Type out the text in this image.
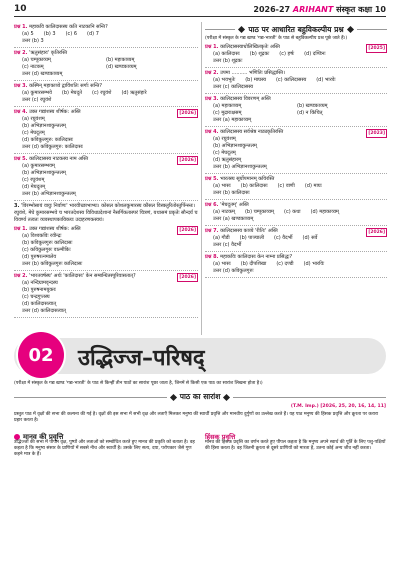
10	2026-27 ARIHANT संस्कृत कक्षा 10
प्रश्न 1. महाकवि कालिदासस्य कति नाटकानि सन्ति?
(a) 5 (b) 3 (c) 6 (d) 7
उत्तर (b) 3
प्रश्न 2. 'ऋतुसंहारः' कृतिरस्ति
(a) चम्पूकाव्यम्	(b) महाकाव्यम्
(c) नाटकम्	(d) खण्डकाव्यम्
उत्तर (d) खण्डकाव्यम्
प्रश्न 3. कस्मिन् महाकाव्ये द्वाविंशतिः सर्गाः सन्ति?
(a) कुमारसम्भवे (b) मेघदूते (c) रघुवंशे (d) ऋतुसंहारे
उत्तर (c) रघुवंशे
प्रश्न 4. उक्त गद्यांशस्य शीर्षक: अस्ति	[2026]
(a) रघुवंशम्
(b) अभिज्ञानशाकुन्तलम्
(c) मेघदूतम्
(d) कविकुलगुरु: कालिदासः
उत्तर (d) कविकुलगुरु: कालिदासः
प्रश्न 5. कालिदासस्य नाटकस्य नाम अस्ति	[2026]
(a) कुमारसम्भवम्
(b) अभिज्ञानशाकुन्तलम्
(c) रघुवंशम्
(d) मेघदूतम्
उत्तर (b) अभिज्ञानशाकुन्तलम्
3. 'विरम्भोसायं वायुः निर्वाणः' भारवीच्छाभाभ्यः। कोसल कोशलकुमारस्य कौसल विस्क्लुरितोस्तुर्पिन्स्त्तः। रघुवंशे, मेघे कुमारसम्भवे च भारतदेशस्य विविधप्रदेशानां नैसर्गिकतास्परं चित्रणं, यथासमं प्रकृतेः सौन्दर्यं च विवर्ण्य तत्वतः व्यवस्थापकायिकयः उदाहरणकस्वयं।
प्रश्न 1. उक्त गद्यांशस्य शीर्षक: अस्ति	[2026]
(a) विश्वकविः रवीन्द्रः
(b) कविकुलगुरुः कालिदासः
(c) कविकुलगुरुः वाल्मीकिः
(d) पुरुषरत्नमालेव
उत्तर (b) कविकुलगुरुः कालिदासः
प्रश्न 2. 'भारतवर्षस्य' अर्थः 'कालिदासः' केन सम्बन्धितस्पुरिवासतात्?	[2026]
(a) नन्दिग्रामवृन्दस्य
(b) पुरुषनामयुक्तः
(c) चन्द्रगुप्तस्य
(d) कालिदासत्वात्
उत्तर (d) कालिदासत्वात्
पाठ पर आधारित बहुविकल्पीय प्रश्न
(परीक्षा में संस्कृत के गद्य खण्ड 'गद्य-भारती' के पाठ से बहुविकल्पीय प्रश्न पूछे जाते हैं।)
प्रश्न 1. कालिदासस्याधोलिखितकृतेः अस्ति	[2025]
(a) कालिदासः (b) शूद्रकः (c) हर्षः (d) दण्डिनः
उत्तर (b) शूद्रकः
प्रश्न 2. उपमा .......... भणितिः प्रसिद्धास्ति।
(a) भवभूतेः (b) माघस्य (c) कालिदासस्य (d) भारवेः
उत्तर (c) कालिदासस्य
प्रश्न 3. कालिदासस्य विवरणम् अस्ति
(a) महाकाव्यम्	(b) खण्डकाव्यम्
(c) मुद्राराक्षसम्	(d) न किंचित्
उत्तर (a) महाकाव्यम्
प्रश्न 4. कालिदासस्य सर्वश्रेष्ठ नाट्यकृतिरस्ति	[2023]
(a) रघुवंशम्
(b) अभिज्ञानशाकुन्तलम्
(c) मेघदूतम्
(d) ऋतुसंहारम्
उत्तर (b) अभिज्ञानशाकुन्तलम्
प्रश्न 5. भारतस्य सूर्योपमानम् कविरस्ति
(a) भासः (b) कालिदासः (c) वाणी (d) माघः
उत्तर (b) कालिदासः
प्रश्न 6. 'मेघदूतम्' अस्ति
(a) नाटकम् (b) चम्पूकाव्यम् (c) कथा (d) महाकाव्यम्
उत्तर (a) खण्डकाव्यम्
प्रश्न 7. कालिदासस्य काव्ये 'रीतिः' अस्ति	[2026]
(a) गौडी (b) पाञ्चाली (c) वैदर्भी (d) सर्वे
उत्तर (c) वैदर्भी
प्रश्न 8. महाकविः कालिदासः केन नाम्ना प्रसिद्धः?
(a) भासः (b) दीपशिखा (c) दण्डी (d) भारविः
उत्तर (d) कविकुलगुरुः
02	उद्भिज्ज–परिषद्
(परीक्षा में संस्कृत के गद्य खण्ड 'गद्य-भारती' के पाठ से किन्हीं तीन पाठों का सारांश पूछा जाता है, जिनमें से किसी एक पाठ का सारांश लिखना होता है।)
पाठ का सारांश
(T.M. Imp.) [2026, 25, 20, 16, 14, 11]
प्रस्तुत पाठ में वृक्षों की सभा की कल्पना की गई है। वृक्षों की इस सभा में सभी वृक्ष और लताएँ मिलकर मनुष्य की स्वार्थी प्रवृत्ति और मानवीय दुर्गुणों का उल्लेख करते हैं। यह पाठ मनुष्य की हिंसक प्रवृत्ति और क्रूरता पर करारा प्रहार करता है।
मानव की प्रवृत्ति
उद्भिज्जों की सभा में पीपल वृक्ष, पुष्पों और लताओं को सम्बोधित करते हुए मानव की प्रकृति को बताता है। वह कहता है कि मनुष्य संसार के प्राणियों में सबसे नीच और स्वार्थी है। उसके लिए सत्य, दया, परोपकार जैसे गुण कहने मात्र के हैं।
हिंसक प्रवृत्ति
मानव की हिंसक प्रवृत्ति का वर्णन करते हुए पीपल कहता है कि मनुष्य अपने स्वार्थ की पूर्ति के लिए पशु-पक्षियों की हिंसा करता है। वह जितनी क्रूरता से दूसरे प्राणियों को मारता है, उतना कोई अन्य जीव नहीं करता।
